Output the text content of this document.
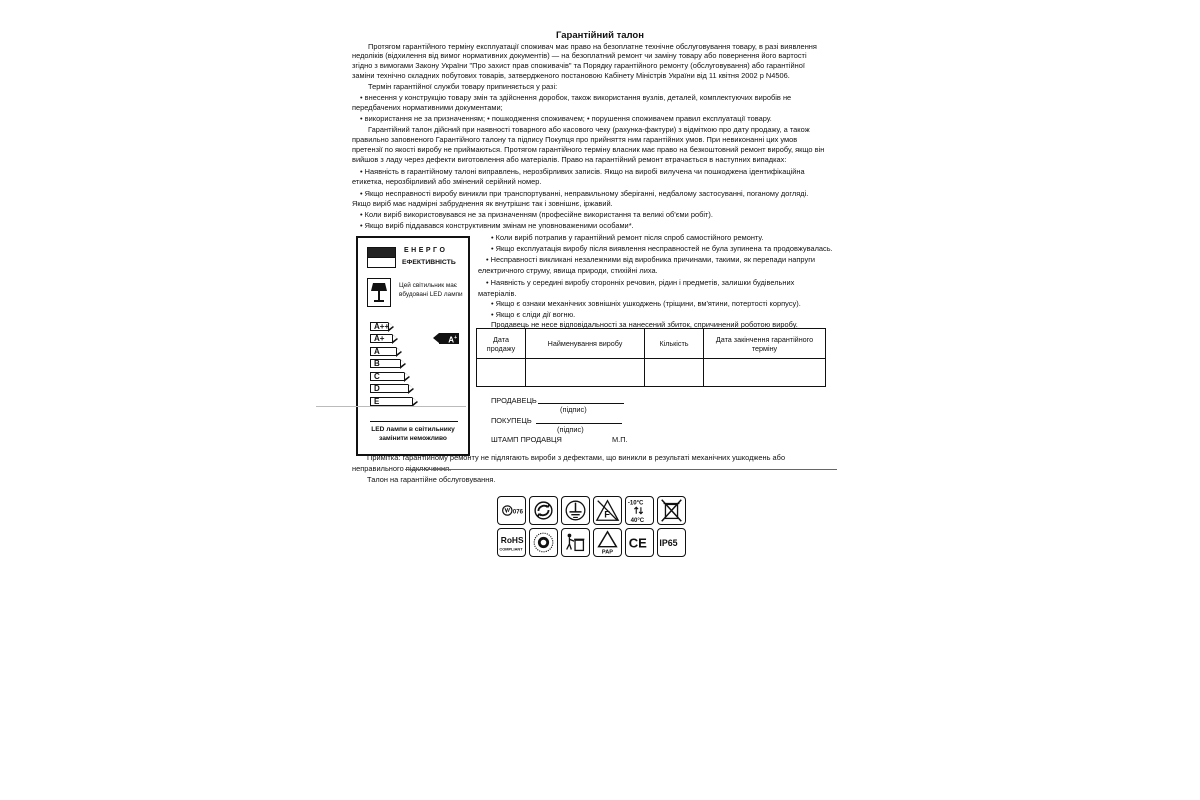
Гарантійний талон
Протягом гарантійного терміну експлуатації споживач має право на безоплатне технічне обслуговування товару, в разі виявлення
недоліків (відхилення від вимог нормативних документів) — на безоплатний ремонт чи заміну товару або повернення його вартості
згідно з вимогами Закону України "Про захист прав споживачів" та Порядку гарантійного ремонту (обслуговування) або гарантійної
заміни технічно складних побутових товарів, затвердженого постановою Кабінету Міністрів України від 11 квітня 2002 р N4506.
Термін гарантійної служби товару припиняється у разі:
• внесення у конструкцію товару змін та здійснення доробок, також використання вузлів, деталей, комплектуючих виробів не
передбачених нормативними документами;
• використання не за призначенням; • пошкодження споживачем; • порушення споживачем правил експлуатації товару.
Гарантійний талон дійсний при наявності товарного або касового чеку (рахунка-фактури) з відміткою про дату продажу, а також
правильно заповненого Гарантійного талону та підпису Покупця про прийняття ним гарантійних умов. При невиконанні цих умов
претензії по якості виробу не приймаються. Протягом гарантійного терміну власник має право на безкоштовний ремонт виробу, якщо він
вийшов з ладу через дефекти виготовлення або матеріалів. Право на гарантійний ремонт втрачається в наступних випадках:
• Наявність в гарантійному талоні виправлень, нерозбірливих записів. Якщо на виробі вилучена чи пошкоджена ідентифікаційна
етикетка, нерозбірливий або змінений серійний номер.
• Якщо несправності виробу виникли при транспортуванні, неправильному зберіганні, недбалому застосуванні, поганому догляді.
Якщо виріб має надмірні забруднення як внутрішнє так і зовнішнє, іржавий.
• Коли виріб використовувався не за призначенням (професійне використання та великі об'єми робіт).
• Якщо виріб піддавався конструктивним змінам не уповноваженими особами*.
ЕНЕРГО
ЕФЕКТИВНІСТЬ
Цей світильник має вбудовані LED лампи
A++
A+
A
B
C
D
E
A+
LED лампи в світильнику замінити неможливо
• Коли виріб потрапив у гарантійний ремонт після спроб самостійного ремонту.
• Якщо експлуатація виробу після виявлення несправностей не була зупинена та продовжувалась.
• Несправності викликані незалежними від виробника причинами, такими, як перепади напруги
електричного струму, явища природи, стихійні лиха.
• Наявність у середині виробу сторонніх речовин, рідин і предметів, залишки будівельних
матеріалів.
• Якщо є ознаки механічних зовнішніх ушкоджень (тріщини, вм'ятини, потертості корпусу).
• Якщо є сліди дії вогню.
Продавець не несе відповідальності за нанесений збиток, спричинений роботою виробу.
Дата продажу	Найменування виробу	Кількість	Дата закінчення гарантійного терміну

ПРОДАВЕЦЬ
(підпис)
ПОКУПЕЦЬ
(підпис)
ШТАМП ПРОДАВЦЯ	М.П.
Примітка: гарантійному ремонту не підлягають вироби з дефектами, що виникли в результаті механічних ушкоджень або
неправильного підключення.
Талон на гарантійне обслуговування.
076	F
-10°C
40°C
RoHS
COMPLIANT
PAP
CE IP65
